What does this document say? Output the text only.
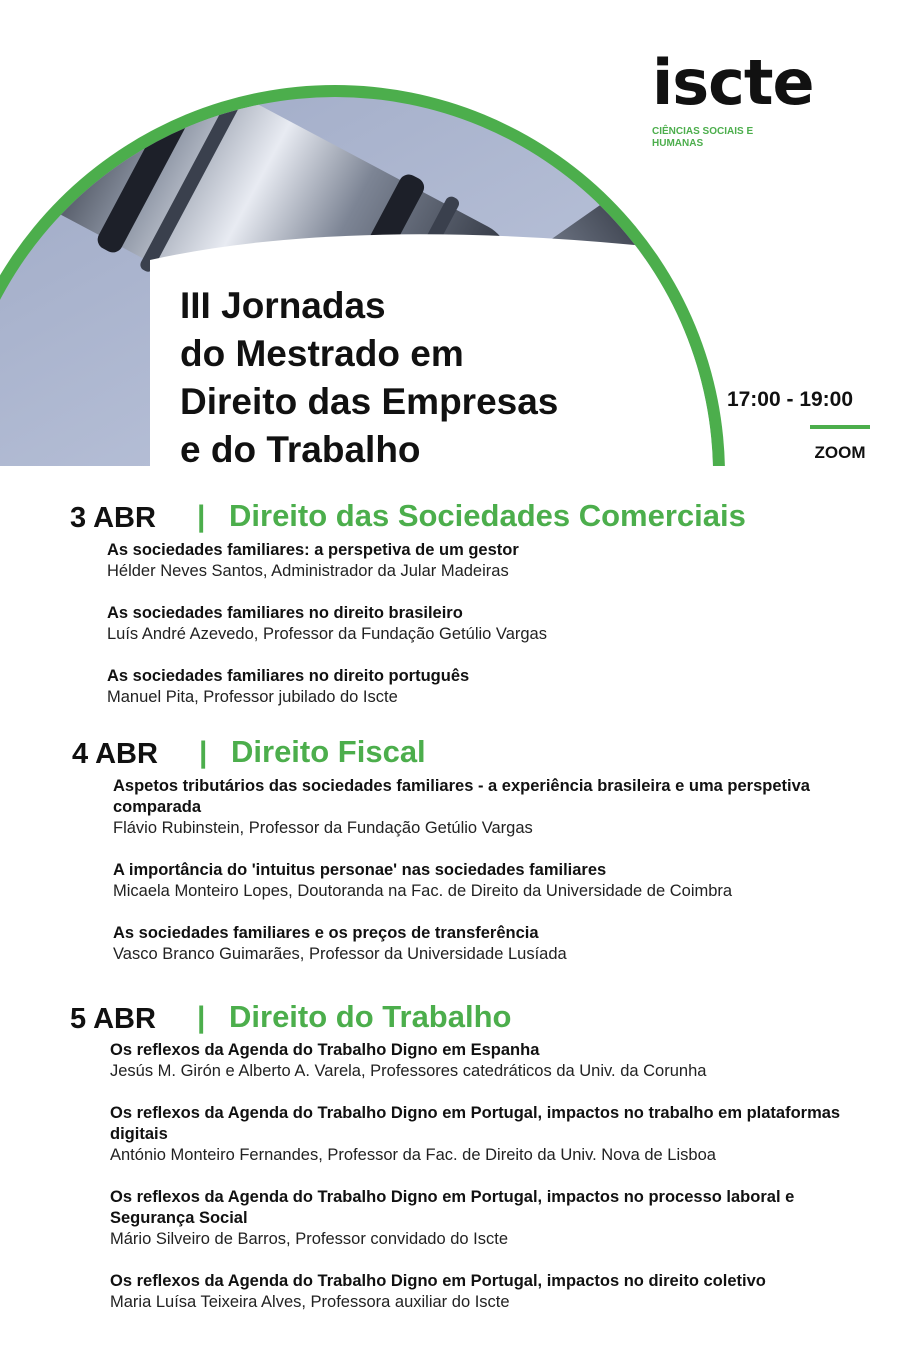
iscte
CIÊNCIAS SOCIAIS E HUMANAS
III Jornadas
do Mestrado em
Direito das Empresas
e do Trabalho
17:00 - 19:00
ZOOM
3 ABR | Direito das Sociedades Comerciais
As sociedades familiares: a perspetiva de um gestor
Hélder Neves Santos, Administrador da Jular Madeiras
As sociedades familiares no direito brasileiro
Luís André Azevedo, Professor da Fundação Getúlio Vargas
As sociedades familiares no direito português
Manuel Pita, Professor jubilado do Iscte
4 ABR | Direito Fiscal
Aspetos tributários das sociedades familiares - a experiência brasileira e uma perspetiva comparada
Flávio Rubinstein, Professor da Fundação Getúlio Vargas
A importância do 'intuitus personae' nas sociedades familiares
Micaela Monteiro Lopes, Doutoranda na Fac. de Direito da Universidade de Coimbra
As sociedades familiares e os preços de transferência
Vasco Branco Guimarães, Professor da Universidade Lusíada
5 ABR | Direito do Trabalho
Os reflexos da Agenda do Trabalho Digno em Espanha
Jesús M. Girón e Alberto A. Varela, Professores catedráticos da Univ. da Corunha
Os reflexos da Agenda do Trabalho Digno em Portugal, impactos no trabalho em plataformas digitais
António Monteiro Fernandes, Professor da Fac. de Direito da Univ. Nova de Lisboa
Os reflexos da Agenda do Trabalho Digno em Portugal, impactos no processo laboral e Segurança Social
Mário Silveiro de Barros, Professor convidado do Iscte
Os reflexos da Agenda do Trabalho Digno em Portugal, impactos no direito coletivo
Maria Luísa Teixeira Alves, Professora auxiliar do Iscte
